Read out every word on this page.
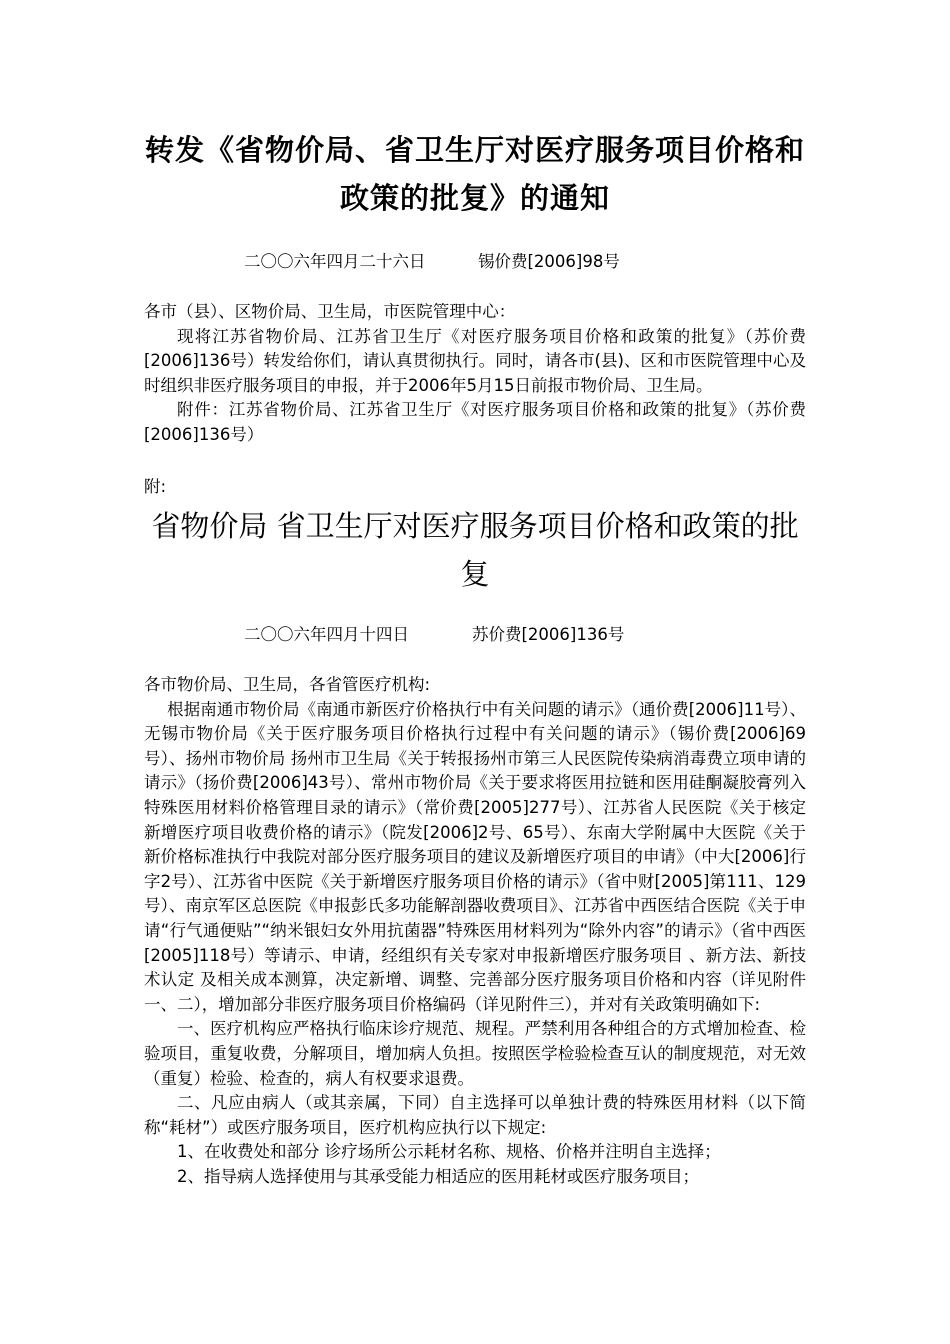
转发《省物价局、省卫生厅对医疗服务项目价格和政策的批复》的通知
二〇〇六年四月二十六日	锡价费[2006]98号

各市（县）、区物价局、卫生局，市医院管理中心：

现将江苏省物价局、江苏省卫生厅《对医疗服务项目价格和政策的批复》（苏价费[2006]136号）转发给你们，请认真贯彻执行。同时，请各市(县)、区和市医院管理中心及时组织非医疗服务项目的申报，并于2006年5月15日前报市物价局、卫生局。

附件：江苏省物价局、江苏省卫生厅《对医疗服务项目价格和政策的批复》（苏价费[2006]136号）

附:
省物价局 省卫生厅对医疗服务项目价格和政策的批复
二〇〇六年四月十四日	苏价费[2006]136号

各市物价局、卫生局，各省管医疗机构:

根据南通市物价局《南通市新医疗价格执行中有关问题的请示》（通价费[2006]11号）、无锡市物价局《关于医疗服务项目价格执行过程中有关问题的请示》（锡价费[2006]69号）、扬州市物价局 扬州市卫生局《关于转报扬州市第三人民医院传染病消毒费立项申请的请示》（扬价费[2006]43号）、常州市物价局《关于要求将医用拉链和医用硅酮凝胶膏列入特殊医用材料价格管理目录的请示》（常价费[2005]277号）、江苏省人民医院《关于核定新增医疗项目收费价格的请示》（院发[2006]2号、65号）、东南大学附属中大医院《关于新价格标准执行中我院对部分医疗服务项目的建议及新增医疗项目的申请》（中大[2006]行字2号）、江苏省中医院《关于新增医疗服务项目价格的请示》（省中财[2005]第111、129号）、南京军区总医院《申报彭氏多功能解剖器收费项目》、江苏省中西医结合医院《关于申请“行气通便贴”“纳米银妇女外用抗菌器”特殊医用材料列为“除外内容”的请示》（省中西医[2005]118号）等请示、申请，经组织有关专家对申报新增医疗服务项目 、新方法、新技术认定 及相关成本测算，决定新增、调整、完善部分医疗服务项目价格和内容（详见附件一、二），增加部分非医疗服务项目价格编码（详见附件三），并对有关政策明确如下:

一、医疗机构应严格执行临床诊疗规范、规程。严禁利用各种组合的方式增加检查、检验项目，重复收费，分解项目，增加病人负担。按照医学检验检查互认的制度规范，对无效（重复）检验、检查的，病人有权要求退费。

二、凡应由病人（或其亲属，下同）自主选择可以单独计费的特殊医用材料（以下简称“耗材”）或医疗服务项目，医疗机构应执行以下规定:

1、在收费处和部分 诊疗场所公示耗材名称、规格、价格并注明自主选择；

2、指导病人选择使用与其承受能力相适应的医用耗材或医疗服务项目；
